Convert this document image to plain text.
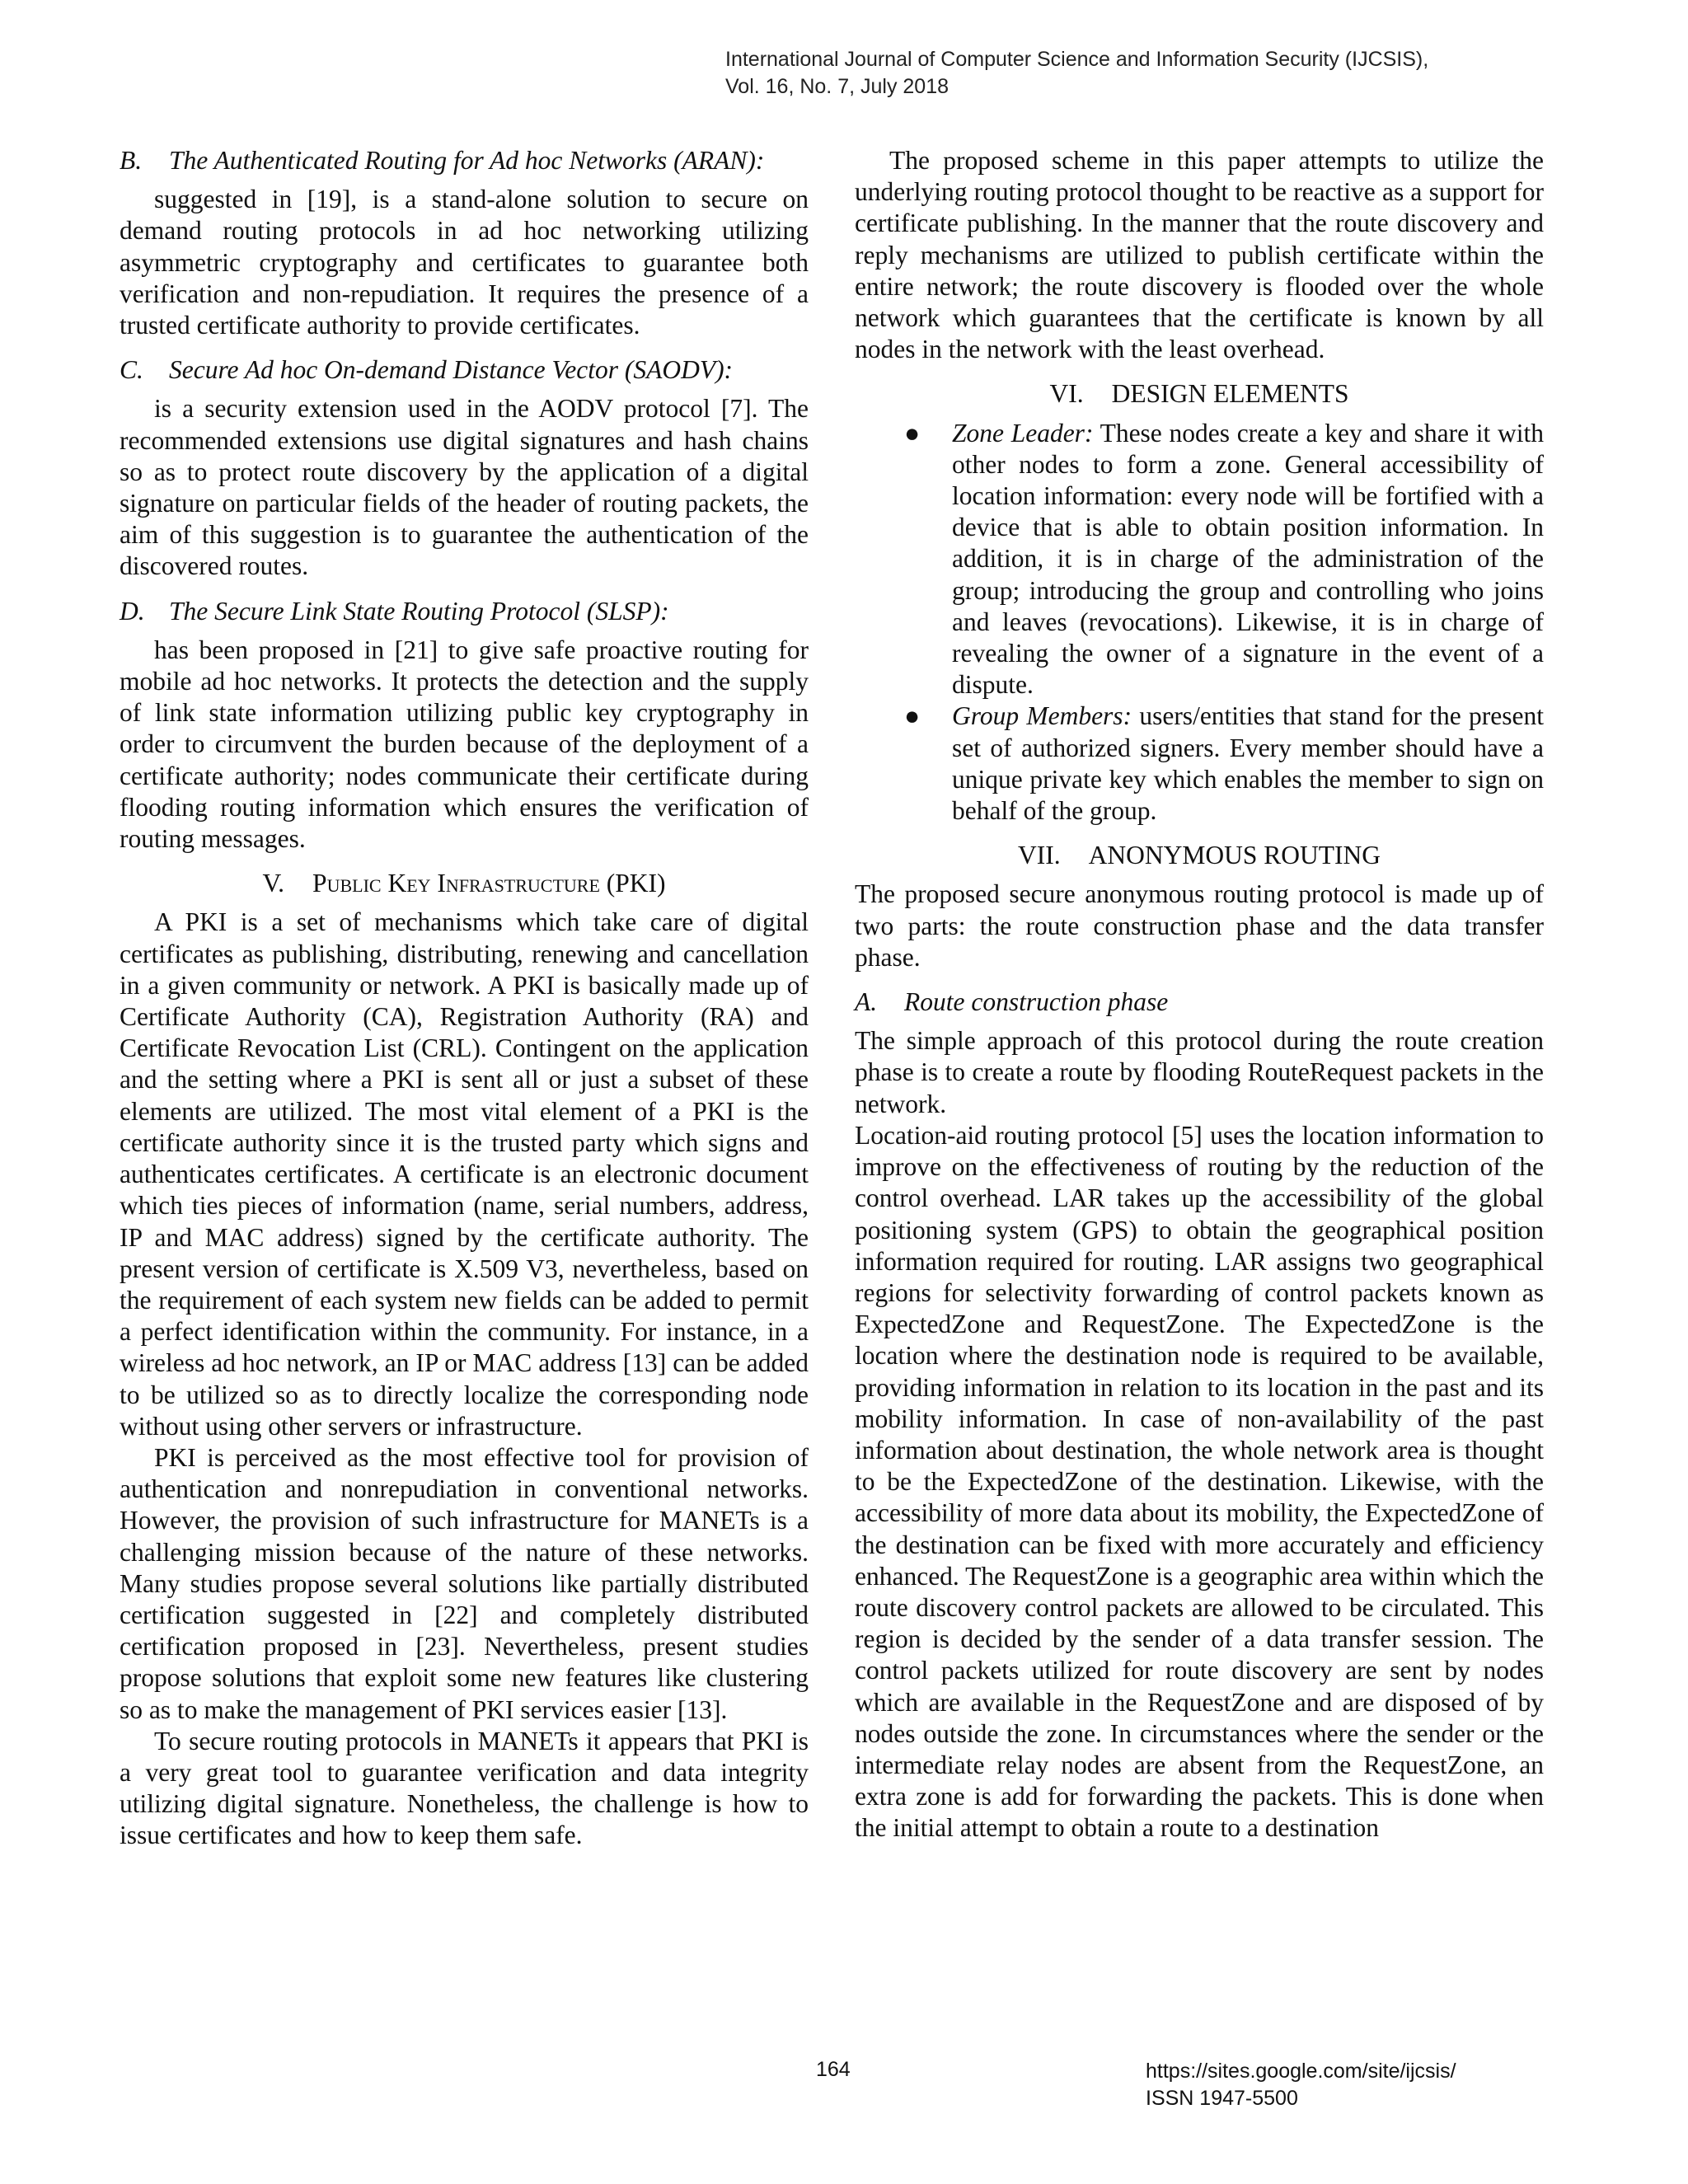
International Journal of Computer Science and Information Security (IJCSIS),
Vol. 16, No. 7, July 2018
B. The Authenticated Routing for Ad hoc Networks (ARAN):

suggested in [19], is a stand-alone solution to secure on demand routing protocols in ad hoc networking utilizing asymmetric cryptography and certificates to guarantee both verification and non-repudiation. It requires the presence of a trusted certificate authority to provide certificates.

C. Secure Ad hoc On-demand Distance Vector (SAODV):

is a security extension used in the AODV protocol [7]. The recommended extensions use digital signatures and hash chains so as to protect route discovery by the application of a digital signature on particular fields of the header of routing packets, the aim of this suggestion is to guarantee the authentication of the discovered routes.

D. The Secure Link State Routing Protocol (SLSP):

has been proposed in [21] to give safe proactive routing for mobile ad hoc networks. It protects the detection and the supply of link state information utilizing public key cryptography in order to circumvent the burden because of the deployment of a certificate authority; nodes communicate their certificate during flooding routing information which ensures the verification of routing messages.

V. Public Key Infrastructure (PKI)

A PKI is a set of mechanisms which take care of digital certificates as publishing, distributing, renewing and cancellation in a given community or network. A PKI is basically made up of Certificate Authority (CA), Registration Authority (RA) and Certificate Revocation List (CRL). Contingent on the application and the setting where a PKI is sent all or just a subset of these elements are utilized. The most vital element of a PKI is the certificate authority since it is the trusted party which signs and authenticates certificates. A certificate is an electronic document which ties pieces of information (name, serial numbers, address, IP and MAC address) signed by the certificate authority. The present version of certificate is X.509 V3, nevertheless, based on the requirement of each system new fields can be added to permit a perfect identification within the community. For instance, in a wireless ad hoc network, an IP or MAC address [13] can be added to be utilized so as to directly localize the corresponding node without using other servers or infrastructure.

PKI is perceived as the most effective tool for provision of authentication and nonrepudiation in conventional networks. However, the provision of such infrastructure for MANETs is a challenging mission because of the nature of these networks. Many studies propose several solutions like partially distributed certification suggested in [22] and completely distributed certification proposed in [23]. Nevertheless, present studies propose solutions that exploit some new features like clustering so as to make the management of PKI services easier [13].

To secure routing protocols in MANETs it appears that PKI is a very great tool to guarantee verification and data integrity utilizing digital signature. Nonetheless, the challenge is how to issue certificates and how to keep them safe.

The proposed scheme in this paper attempts to utilize the underlying routing protocol thought to be reactive as a support for certificate publishing. In the manner that the route discovery and reply mechanisms are utilized to publish certificate within the entire network; the route discovery is flooded over the whole network which guarantees that the certificate is known by all nodes in the network with the least overhead.

VI. DESIGN ELEMENTS

● Zone Leader: These nodes create a key and share it with other nodes to form a zone. General accessibility of location information: every node will be fortified with a device that is able to obtain position information. In addition, it is in charge of the administration of the group; introducing the group and controlling who joins and leaves (revocations). Likewise, it is in charge of revealing the owner of a signature in the event of a dispute.

● Group Members: users/entities that stand for the present set of authorized signers. Every member should have a unique private key which enables the member to sign on behalf of the group.

VII. ANONYMOUS ROUTING

The proposed secure anonymous routing protocol is made up of two parts: the route construction phase and the data transfer phase.

A. Route construction phase

The simple approach of this protocol during the route creation phase is to create a route by flooding RouteRequest packets in the network.

Location-aid routing protocol [5] uses the location information to improve on the effectiveness of routing by the reduction of the control overhead. LAR takes up the accessibility of the global positioning system (GPS) to obtain the geographical position information required for routing. LAR assigns two geographical regions for selectivity forwarding of control packets known as ExpectedZone and RequestZone. The ExpectedZone is the location where the destination node is required to be available, providing information in relation to its location in the past and its mobility information. In case of non-availability of the past information about destination, the whole network area is thought to be the ExpectedZone of the destination. Likewise, with the accessibility of more data about its mobility, the ExpectedZone of the destination can be fixed with more accurately and efficiency enhanced. The RequestZone is a geographic area within which the route discovery control packets are allowed to be circulated. This region is decided by the sender of a data transfer session. The control packets utilized for route discovery are sent by nodes which are available in the RequestZone and are disposed of by nodes outside the zone. In circumstances where the sender or the intermediate relay nodes are absent from the RequestZone, an extra zone is add for forwarding the packets. This is done when the initial attempt to obtain a route to a destination

164	https://sites.google.com/site/ijcsis/
ISSN 1947-5500
